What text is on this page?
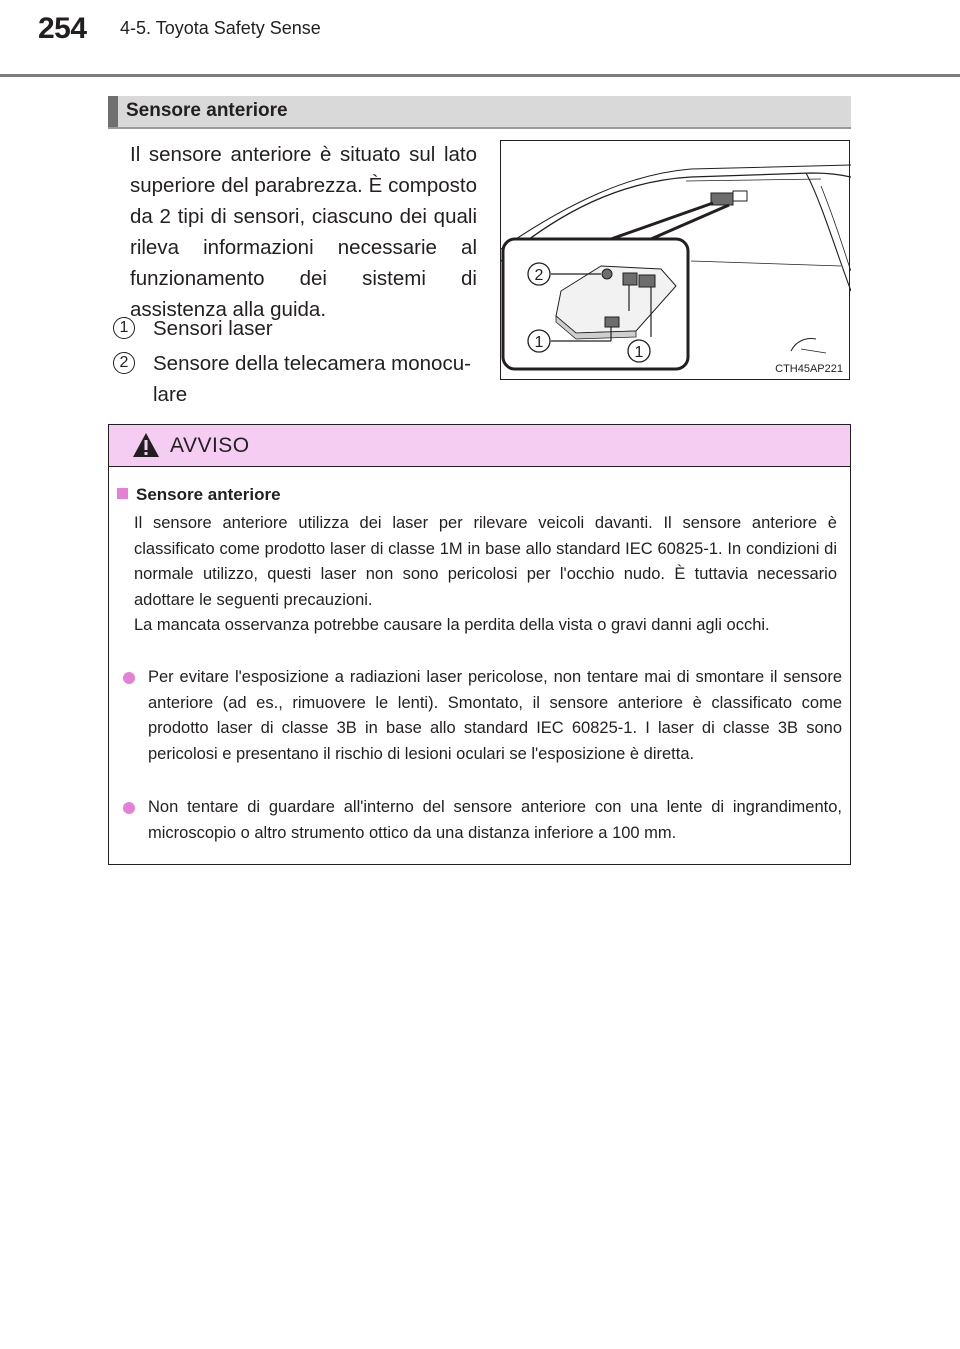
254 4-5. Toyota Safety Sense
Sensore anteriore
Il sensore anteriore è situato sul lato superiore del parabrezza. È composto da 2 tipi di sensori, ciascuno dei quali rileva informazioni necessarie al funzionamento dei sistemi di assistenza alla guida.
1	Sensori laser
2	Sensore della telecamera monocu-lare
2
1
1
CTH45AP221
AVVISO
Sensore anteriore
Il sensore anteriore utilizza dei laser per rilevare veicoli davanti. Il sensore anteriore è classificato come prodotto laser di classe 1M in base allo standard IEC 60825-1. In condizioni di normale utilizzo, questi laser non sono pericolosi per l'occhio nudo. È tuttavia necessario adottare le seguenti precauzioni.
La mancata osservanza potrebbe causare la perdita della vista o gravi danni agli occhi.
Per evitare l'esposizione a radiazioni laser pericolose, non tentare mai di smontare il sensore anteriore (ad es., rimuovere le lenti). Smontato, il sensore anteriore è classificato come prodotto laser di classe 3B in base allo standard IEC 60825-1. I laser di classe 3B sono pericolosi e presentano il rischio di lesioni oculari se l'esposizione è diretta.
Non tentare di guardare all'interno del sensore anteriore con una lente di ingrandimento, microscopio o altro strumento ottico da una distanza inferiore a 100 mm.
